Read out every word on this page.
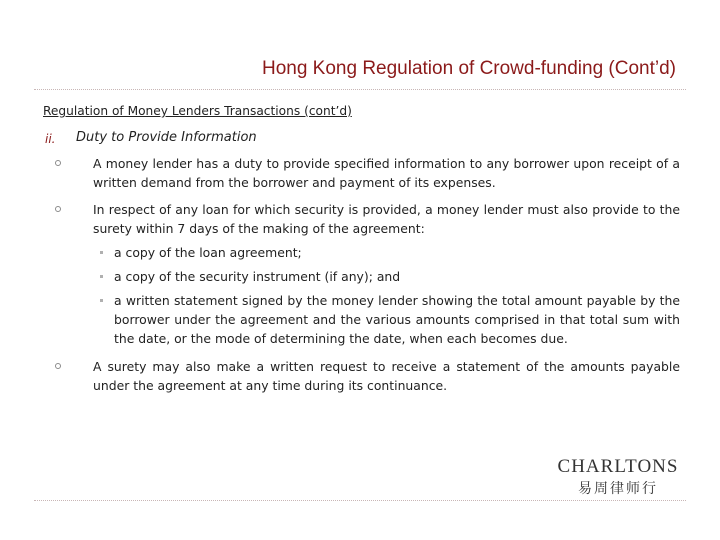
Hong Kong Regulation of Crowd-funding (Cont’d)
Regulation of Money Lenders Transactions (cont’d)
ii. Duty to Provide Information
A money lender has a duty to provide specified information to any borrower upon receipt of a written demand from the borrower and payment of its expenses.
In respect of any loan for which security is provided, a money lender must also provide to the surety within 7 days of the making of the agreement:
a copy of the loan agreement;
a copy of the security instrument (if any); and
a written statement signed by the money lender showing the total amount payable by the borrower under the agreement and the various amounts comprised in that total sum with the date, or the mode of determining the date, when each becomes due.
A surety may also make a written request to receive a statement of the amounts payable under the agreement at any time during its continuance.
CHARLTONS
易周律师行
